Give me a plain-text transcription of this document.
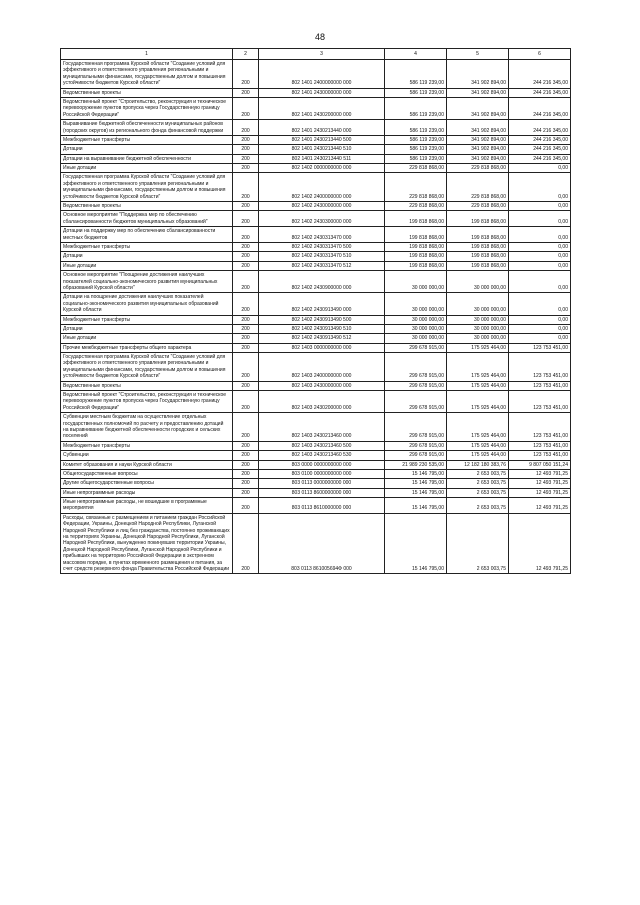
48
1	2	3	4	5	6
Государственная программа Курской области "Создание условий для эффективного и ответственного управления региональными и муниципальными финансами, государственным долгом и повышения устойчивости бюджетов Курской области"	200	802 1401 2400000000 000	586 119 239,00	341 902 894,00	244 216 345,00
Ведомственные проекты	200	802 1401 2430000000 000	586 119 239,00	341 902 894,00	244 216 345,00
Ведомственный проект "Строительство, реконструкция и техническое перевооружение пунктов пропуска через Государственную границу Российской Федерации"	200	802 1401 2430200000 000	586 119 239,00	341 902 894,00	244 216 345,00
Выравнивание бюджетной обеспеченности муниципальных районов (городских округов) из регионального фонда финансовой поддержки	200	802 1401 2430213440 000	586 119 239,00	341 902 894,00	244 216 345,00
Межбюджетные трансферты	200	802 1401 2430213440 500	586 119 239,00	341 902 894,00	244 216 345,00
Дотации	200	802 1401 2430213440 510	586 119 239,00	341 902 894,00	244 216 345,00
Дотации на выравнивание бюджетной обеспеченности	200	802 1401 2430213440 511	586 119 239,00	341 902 894,00	244 216 345,00
Иные дотации	200	802 1402 0000000000 000	229 818 868,00	229 818 868,00	0,00
Государственная программа Курской области "Создание условий для эффективного и ответственного управления региональными и муниципальными финансами, государственным долгом и повышения устойчивости бюджетов Курской области"	200	802 1402 2400000000 000	229 818 868,00	229 818 868,00	0,00
Ведомственные проекты	200	802 1402 2430000000 000	229 818 868,00	229 818 868,00	0,00
Основное мероприятие "Поддержка мер по обеспечению сбалансированности бюджетов муниципальных образований"	200	802 1402 2430300000 000	199 818 868,00	199 818 868,00	0,00
Дотации на поддержку мер по обеспечению сбалансированности местных бюджетов	200	802 1402 2430313470 000	199 818 868,00	199 818 868,00	0,00
Межбюджетные трансферты	200	802 1402 2430313470 500	199 818 868,00	199 818 868,00	0,00
Дотации	200	802 1402 2430313470 510	199 818 868,00	199 818 868,00	0,00
Иные дотации	200	802 1402 2430313470 512	199 818 868,00	199 818 868,00	0,00
Основное мероприятие "Поощрение достижения наилучших показателей социально-экономического развития муниципальных образований Курской области"	200	802 1402 2430900000 000	30 000 000,00	30 000 000,00	0,00
Дотации на поощрение достижения наилучших показателей социально-экономического развития муниципальных образований Курской области	200	802 1402 2430913490 000	30 000 000,00	30 000 000,00	0,00
Межбюджетные трансферты	200	802 1402 2430913490 500	30 000 000,00	30 000 000,00	0,00
Дотации	200	802 1402 2430913490 510	30 000 000,00	30 000 000,00	0,00
Иные дотации	200	802 1402 2430913490 512	30 000 000,00	30 000 000,00	0,00
Прочие межбюджетные трансферты общего характера	200	802 1403 0000000000 000	299 678 915,00	175 925 464,00	123 753 451,00
Государственная программа Курской области "Создание условий для эффективного и ответственного управления региональными и муниципальными финансами, государственным долгом и повышения устойчивости бюджетов Курской области"	200	802 1403 2400000000 000	299 678 915,00	175 925 464,00	123 753 451,00
Ведомственные проекты	200	802 1403 2430000000 000	299 678 915,00	175 925 464,00	123 753 451,00
Ведомственный проект "Строительство, реконструкция и техническое перевооружение пунктов пропуска через Государственную границу Российской Федерации"	200	802 1403 2430200000 000	299 678 915,00	175 925 464,00	123 753 451,00
Субвенции местным бюджетам на осуществление отдельных государственных полномочий по расчету и предоставлению дотаций на выравнивание бюджетной обеспеченности городских и сельских поселений	200	802 1403 2430213460 000	299 678 915,00	175 925 464,00	123 753 451,00
Межбюджетные трансферты	200	802 1403 2430213460 500	299 678 915,00	175 925 464,00	123 753 451,00
Субвенции	200	802 1403 2430213460 530	299 678 915,00	175 925 464,00	123 753 451,00
Комитет образования и науки Курской области	200	803 0000 0000000000 000	21 989 230 535,00	12 182 180 383,76	9 807 050 151,24
Общегосударственные вопросы	200	803 0100 0000000000 000	15 146 795,00	2 653 003,75	12 493 791,25
Другие общегосударственные вопросы	200	803 0113 0000000000 000	15 146 795,00	2 653 003,75	12 493 791,25
Иные непрограммные расходы	200	803 0113 8600000000 000	15 146 795,00	2 653 003,75	12 493 791,25
Иные непрограммные расходы, не вошедшие в программные мероприятия	200	803 0113 8610000000 000	15 146 795,00	2 653 003,75	12 493 791,25
Расходы, связанные с размещением и питанием граждан Российской Федерации, Украины, Донецкой Народной Республики, Луганской Народной Республики и лиц без гражданства, постоянно проживающих на территориях Украины, Донецкой Народной Республики, Луганской Народной Республики, вынужденно покинувших территории Украины, Донецкой Народной Республики, Луганской Народной Республики и прибывших на территорию Российской Федерации в экстренном массовом порядке, в пунктах временного размещения и питания, за счет средств резервного фонда Правительства Российской Федерации	200	803 0113 861005694Ф 000	15 146 795,00	2 653 003,75	12 493 791,25
